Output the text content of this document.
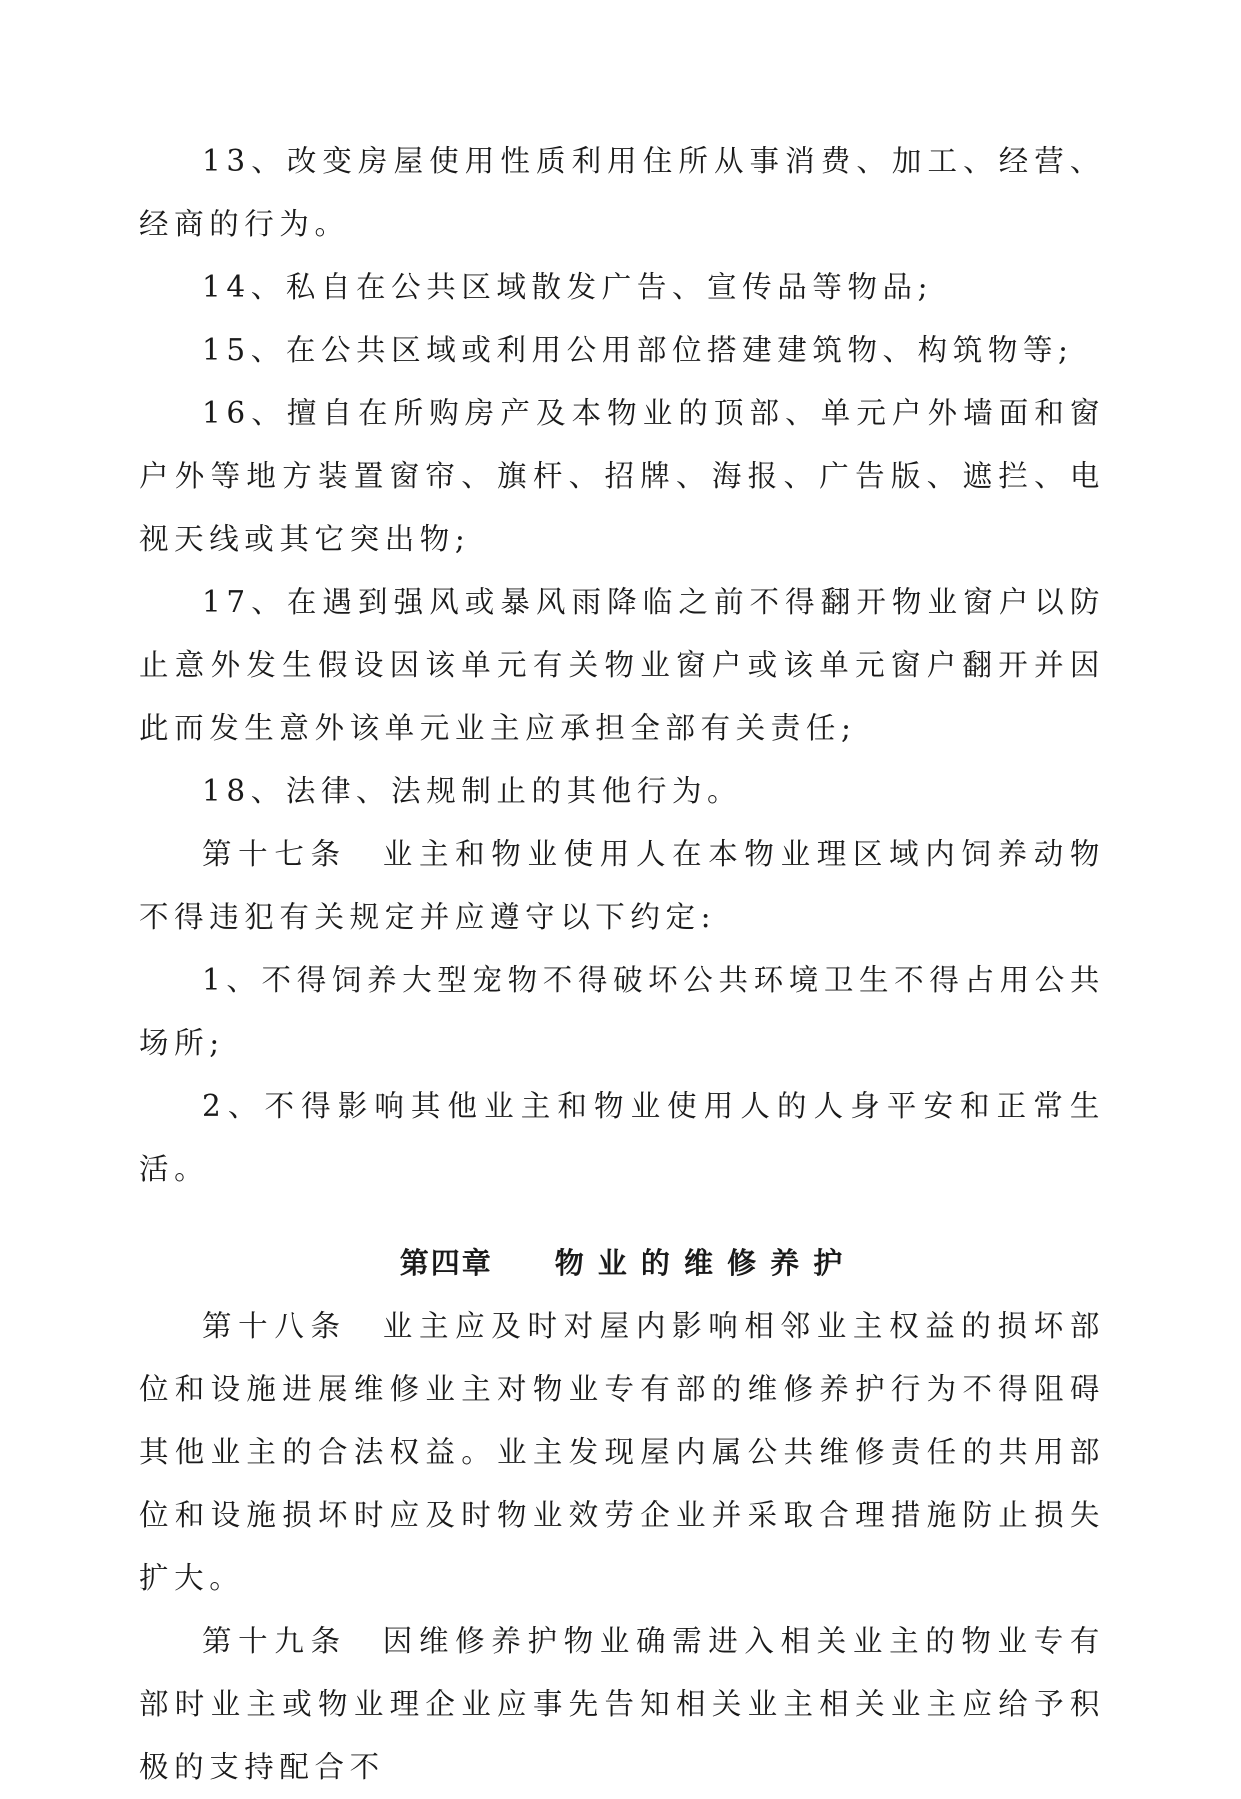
13、改变房屋使用性质利用住所从事消费、加工、经营、经商的行为。

14、私自在公共区域散发广告、宣传品等物品;

15、在公共区域或利用公用部位搭建建筑物、构筑物等;

16、擅自在所购房产及本物业的顶部、单元户外墙面和窗户外等地方装置窗帘、旗杆、招牌、海报、广告版、遮拦、电视天线或其它突出物;

17、在遇到强风或暴风雨降临之前不得翻开物业窗户以防止意外发生假设因该单元有关物业窗户或该单元窗户翻开并因此而发生意外该单元业主应承担全部有关责任;

18、法律、法规制止的其他行为。

第十七条　业主和物业使用人在本物业理区域内饲养动物不得违犯有关规定并应遵守以下约定:

1、不得饲养大型宠物不得破坏公共环境卫生不得占用公共场所;

2、不得影响其他业主和物业使用人的人身平安和正常生活。

第四章　　物 业 的 维 修 养 护

第十八条　业主应及时对屋内影响相邻业主权益的损坏部位和设施进展维修业主对物业专有部的维修养护行为不得阻碍其他业主的合法权益。业主发现屋内属公共维修责任的共用部位和设施损坏时应及时物业效劳企业并采取合理措施防止损失扩大。

第十九条　因维修养护物业确需进入相关业主的物业专有部时业主或物业理企业应事先告知相关业主相关业主应给予积极的支持配合不
